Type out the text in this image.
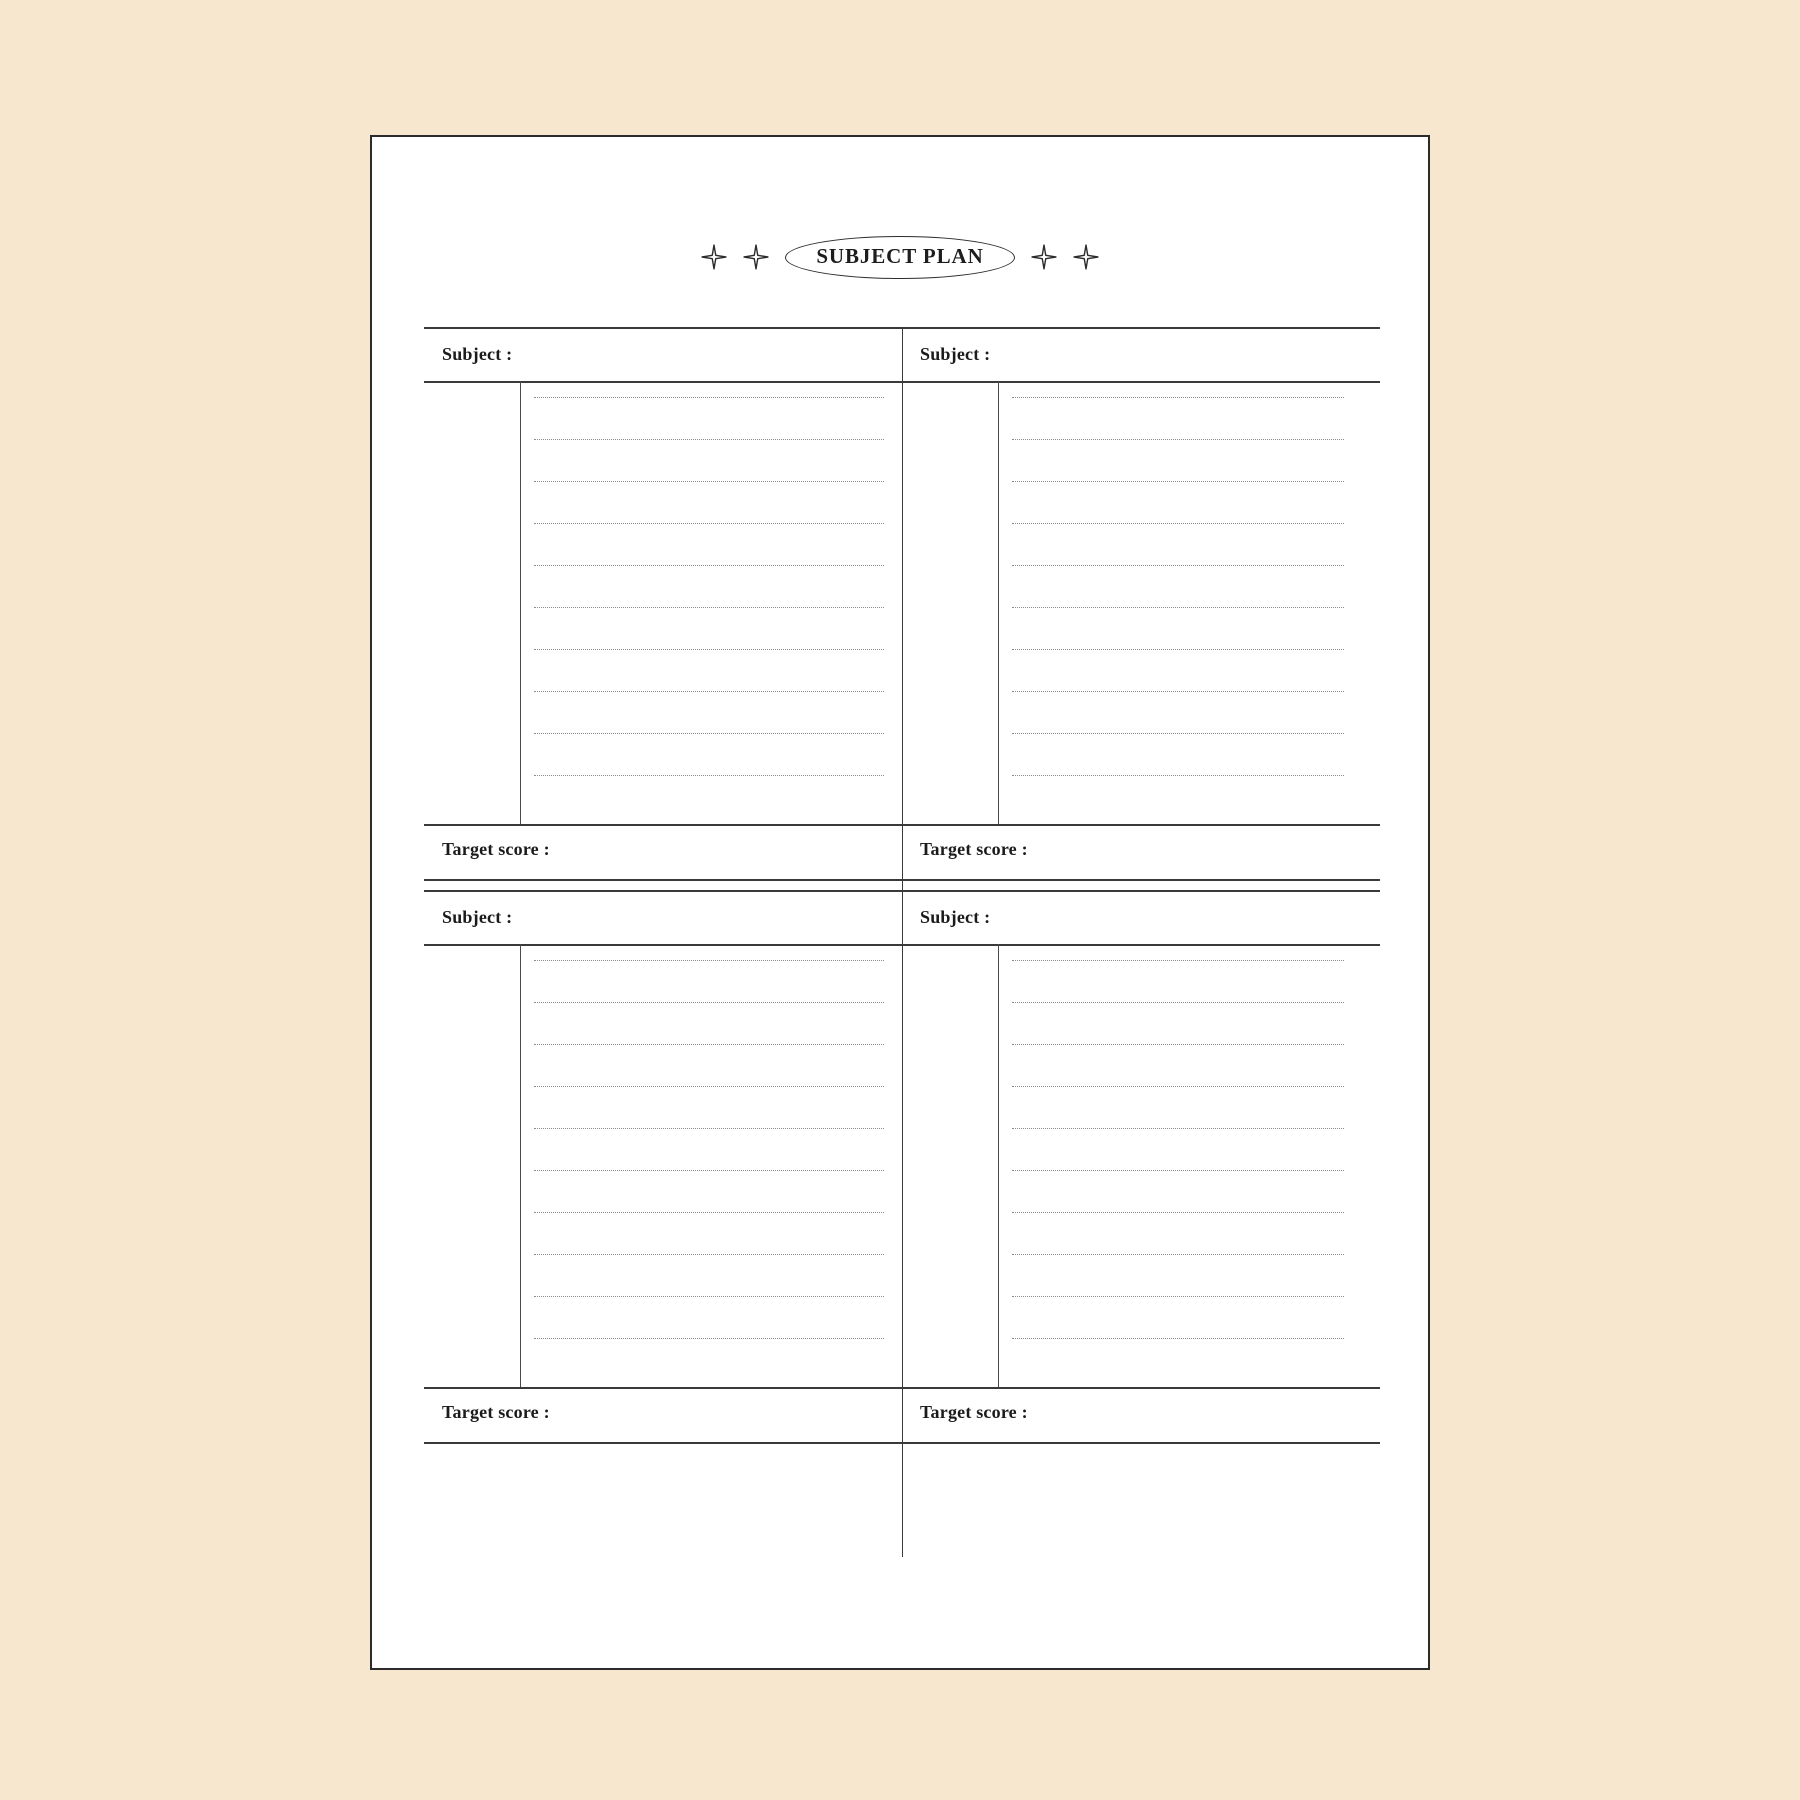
SUBJECT PLAN
Subject :
Target score :
Subject :
Target score :
Subject :
Target score :
Subject :
Target score :
